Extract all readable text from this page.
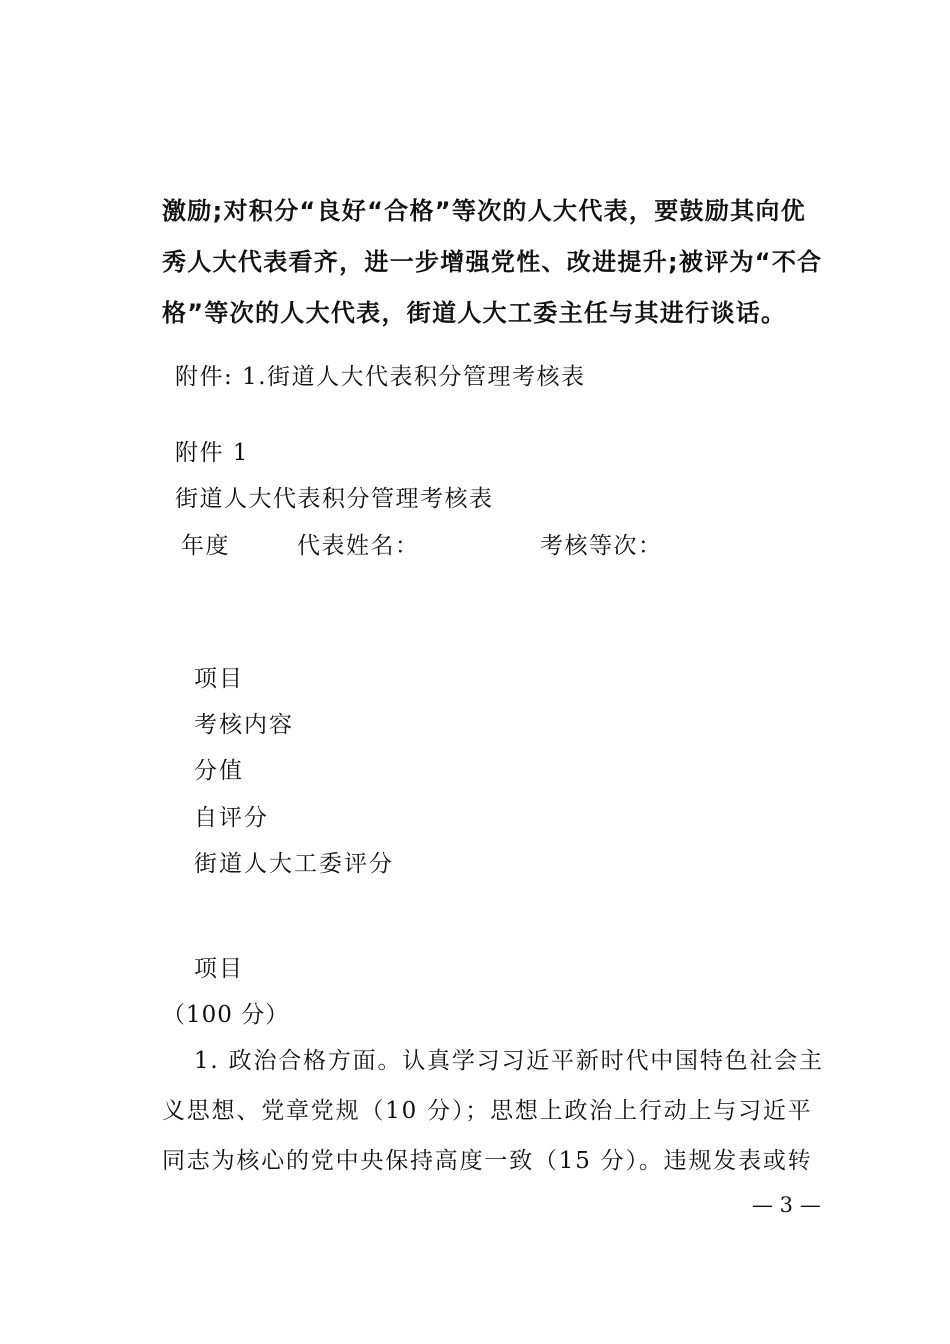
激励;对积分“良好“合格”等次的人大代表，要鼓励其向优
秀人大代表看齐，进一步增强党性、改进提升;被评为“不合
格”等次的人大代表，街道人大工委主任与其进行谈话。
附件: 1.街道人大代表积分管理考核表
附件 1
街道人大代表积分管理考核表
年度	代表姓名：	考核等次：
项目
考核内容
分值
自评分
街道人大工委评分
项目
（100 分）
1. 政治合格方面。认真学习习近平新时代中国特色社会主
义思想、党章党规（10 分）；思想上政治上行动上与习近平
同志为核心的党中央保持高度一致（15 分）。违规发表或转
— 3 —
